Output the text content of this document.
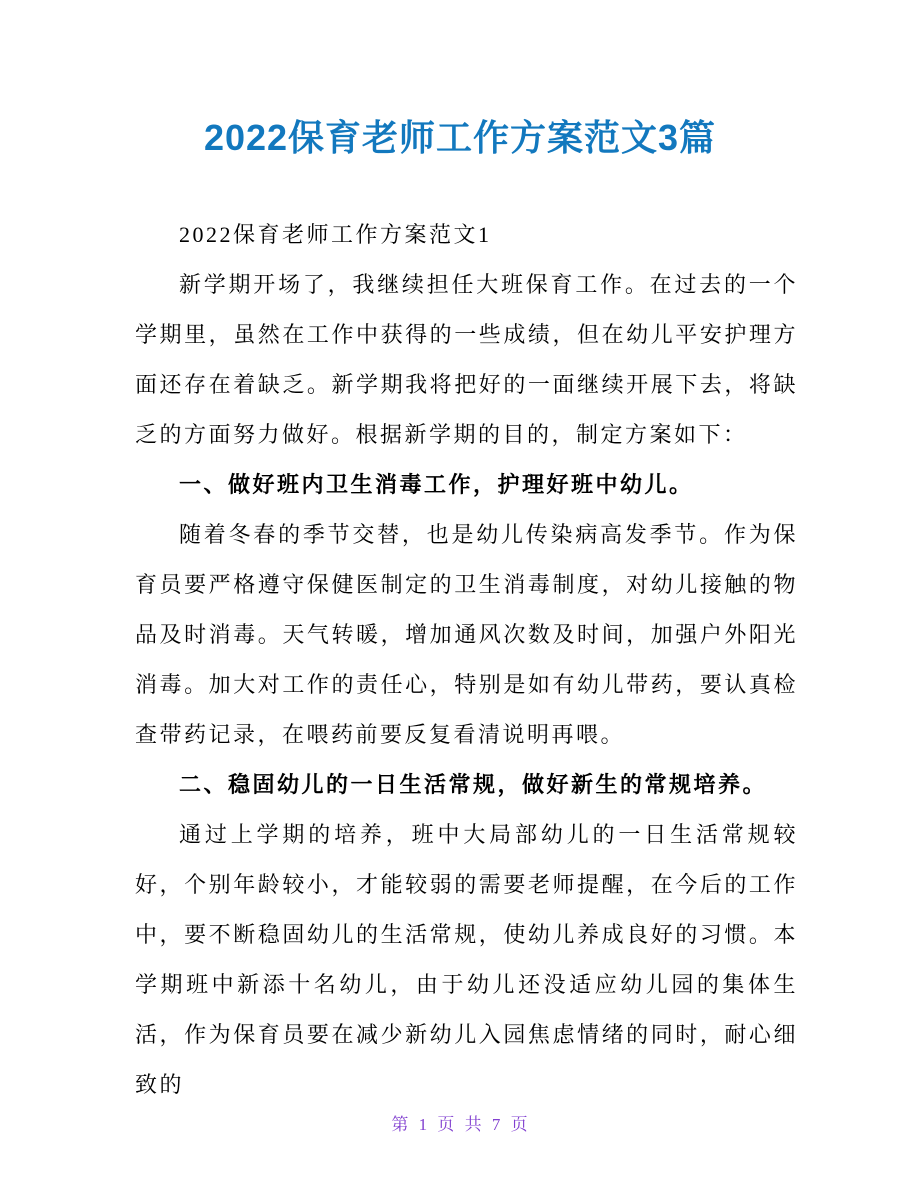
2022保育老师工作方案范文3篇

2022保育老师工作方案范文1

新学期开场了，我继续担任大班保育工作。在过去的一个学期里，虽然在工作中获得的一些成绩，但在幼儿平安护理方面还存在着缺乏。新学期我将把好的一面继续开展下去，将缺乏的方面努力做好。根据新学期的目的，制定方案如下：

一、做好班内卫生消毒工作，护理好班中幼儿。

随着冬春的季节交替，也是幼儿传染病高发季节。作为保育员要严格遵守保健医制定的卫生消毒制度，对幼儿接触的物品及时消毒。天气转暖，增加通风次数及时间，加强户外阳光消毒。加大对工作的责任心，特别是如有幼儿带药，要认真检查带药记录，在喂药前要反复看清说明再喂。

二、稳固幼儿的一日生活常规，做好新生的常规培养。

通过上学期的培养，班中大局部幼儿的一日生活常规较好，个别年龄较小，才能较弱的需要老师提醒，在今后的工作中，要不断稳固幼儿的生活常规，使幼儿养成良好的习惯。本学期班中新添十名幼儿，由于幼儿还没适应幼儿园的集体生活，作为保育员要在减少新幼儿入园焦虑情绪的同时，耐心细致的

第 1 页 共 7 页
